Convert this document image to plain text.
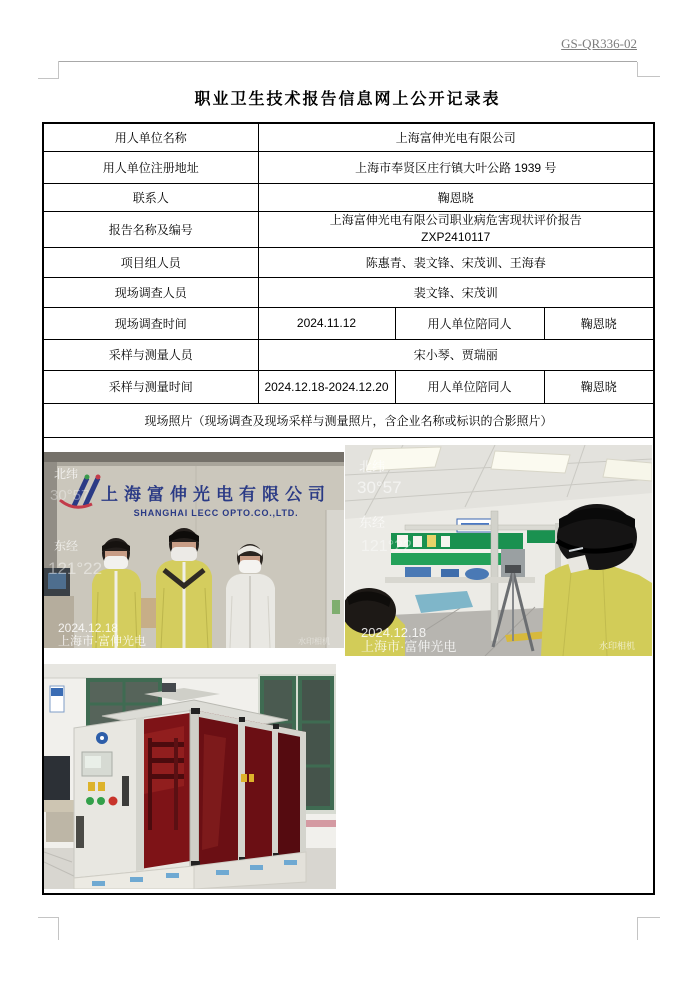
GS-QR336-02
职业卫生技术报告信息网上公开记录表
用人单位名称	上海富伸光电有限公司		
用人单位注册地址	上海市奉贤区庄行镇大叶公路 1939 号		
联系人	鞠恩晓		
报告名称及编号	上海富伸光电有限公司职业病危害现状评价报告
ZXP2410117		

项目组人员	陈惠青、裴文锋、宋茂训、王海春		
现场调查人员	裴文锋、宋茂训		
现场调查时间	2024.11.12	用人单位陪同人	鞠恩晓
采样与测量人员	宋小琴、贾瑞丽		
采样与测量时间	2024.12.18-2024.12.20	用人单位陪同人	鞠恩晓
现场照片（现场调查及现场采样与测量照片，含企业名称或标识的合影照片）			

上海富伸光电有限公司
SHANGHAI LECC OPTO.CO.,LTD.
北纬
30°57
东经
121°22
2024.12.18
上海市·富伸光电	水印相机
北纬
30°57
东经
121°22
2024.12.18
上海市·富伸光电	水印相机
